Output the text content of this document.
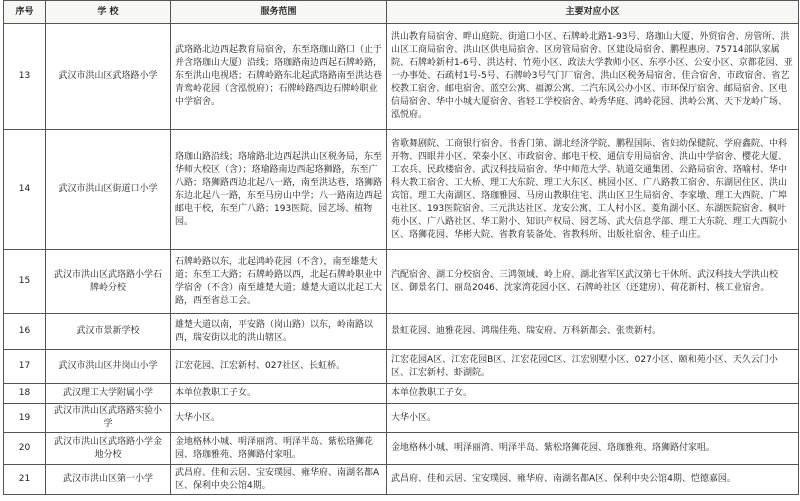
序号	学 校	服务范围	主要对应小区
13	武汉市洪山区武珞路小学	武珞路北边西起教育局宿舍，东至珞珈山路口（止于并含珞珈山大厦）沿线；珞珈路南边西起石牌岭路，东至洪山电视塔；石牌岭路东北起武珞路南至洪达巷青鸾岭花园（含泓悦府）；石牌岭路西边石牌岭职业中学宿舍。	洪山教育局宿舍、畔山庭院、街道口小区、石牌岭北路1-93号、珞珈山大厦、外贸宿舍、房管所、洪山区工商局宿舍、洪山区供电局宿舍、区房管局宿舍、区建设局宿舍、鹏程惠房、75714部队家属院、石牌岭新村1-6号、洪达村、竹苑小区、政法大学教师小区、东亭小区、公安小区、京都花园、亚一办事处、石疏村1号-5号、石牌岭3号气门厂宿舍、洪山区税务局宿舍、佳合宿舍、市政宿舍、省艺校教工宿舍、邮电宿舍、蓝空公寓、福源公寓、二汽东风公办小区、市环保厅宿舍、邮局宿舍、区电信局宿舍、华中小城大厦宿舍、省轻工学校宿舍、岭秀华庭、鸿岭花园、洪岭公寓、天下龙岭广场、泓悦府。
14	武汉市洪山区街道口小学	珞珈山路沿线；珞瑜路北边西起洪山区税务局，东至华师大校区（含）；珞瑜路南边西起珞狮路，东至广八路；珞狮路西边北起八一路，南至洪达巷，珞狮路东边北起八一路，东至马房山中学；八一路南边西起邮电干校，东至广八路；193医院、园艺场、植物园。	省歌舞剧院、工商银行宿舍、书香门第、湖北经济学院、鹏程国际、省妇幼保健院、学府鑫院、中科开物、四眼井小区、荣泰小区、市政宿舍、邮电干校、通信专用局宿舍、洪山中学宿舍、樱花大厦、工农兵、民政楼宿舍、武汉科技局宿舍、华中师范大学、轨道交通集团、公路局宿舍、珞喻村、华中科大教工宿舍、工大桥、理工大东院、理工大东区、桃园小区、广八路教工宿舍、东湖居住区、洪山宾馆、理工大南湖区、珞珈雅园、马房山教职住宅、洪山区卫生局宿舍、李家墩、理工大西院、广埠屯社区、193医院宿舍、三元洪达社区、龙安公寓、工人村小区、菱角湖小区、东湖医院宿舍、枫叶苑小区、广八路社区、华工附小、知识产权局、园艺场、武大信息学部、理工大东院、理工大西院小区、珞狮花园、华彬大院、省教育装备处、省教科所、出版社宿舍、桂子山庄。
15	武汉市洪山区武珞路小学石牌岭分校	石牌岭路以东，北起鸿岭花园（不含），南至雄楚大道；东至工大路；石牌岭路以西，北起石牌岭职业中学宿舍（不含）南至雄楚大道；雄楚大道以北起工大路，西至省总工会。	汽配宿舍、湖工分校宿舍、三鸿领域、岭上府、湖北省军区武汉第七干休所、武汉科技大学洪山校区、御景名门、丽岛2046、沈家湾花园小区、石牌岭社区（还建房）、荷花新村、核工业宿舍。
16	武汉市景新学校	雄楚大道以南，平安路（岗山路）以东，岭南路以西，瑞安街以北的洪山辖区。	景虹花园、迪雅花园、鸿瑞佳苑、瑞安府、万科新都会、张贵新村。
17	武汉市洪山区井岗山小学	江宏花园、江宏新村、027社区、长虹桥。	江宏花园A区、江宏花园B区、江宏花园C区、江宏别墅小区、027小区、颐和苑小区、天久云门小区、江宏新村、虾湖院。
18	武汉理工大学附属小学	本单位教职工子女。	本单位教职工子女。
19	武汉市洪山区武珞路实验小学	大华小区。	大华小区。
20	武汉市洪山区武珞路小学金地分校	金地格林小城、明泽丽湾、明泽半岛、紫松珞狮花园、珞珈雅苑、珞狮路付家咀。	金地格林小城、明泽丽湾、明泽半岛、紫松珞狮花园、珞珈雅苑、珞狮路付家咀。
21	武汉市洪山区第一小学	武昌府、佳和云居、宝安璞园、雍华府、南湖名都A区、保利中央公馆4期。	武昌府、佳和云居、宝安璞园、雍华府、南湖名都A区、保利中央公馆4期、恺德嘉园。
